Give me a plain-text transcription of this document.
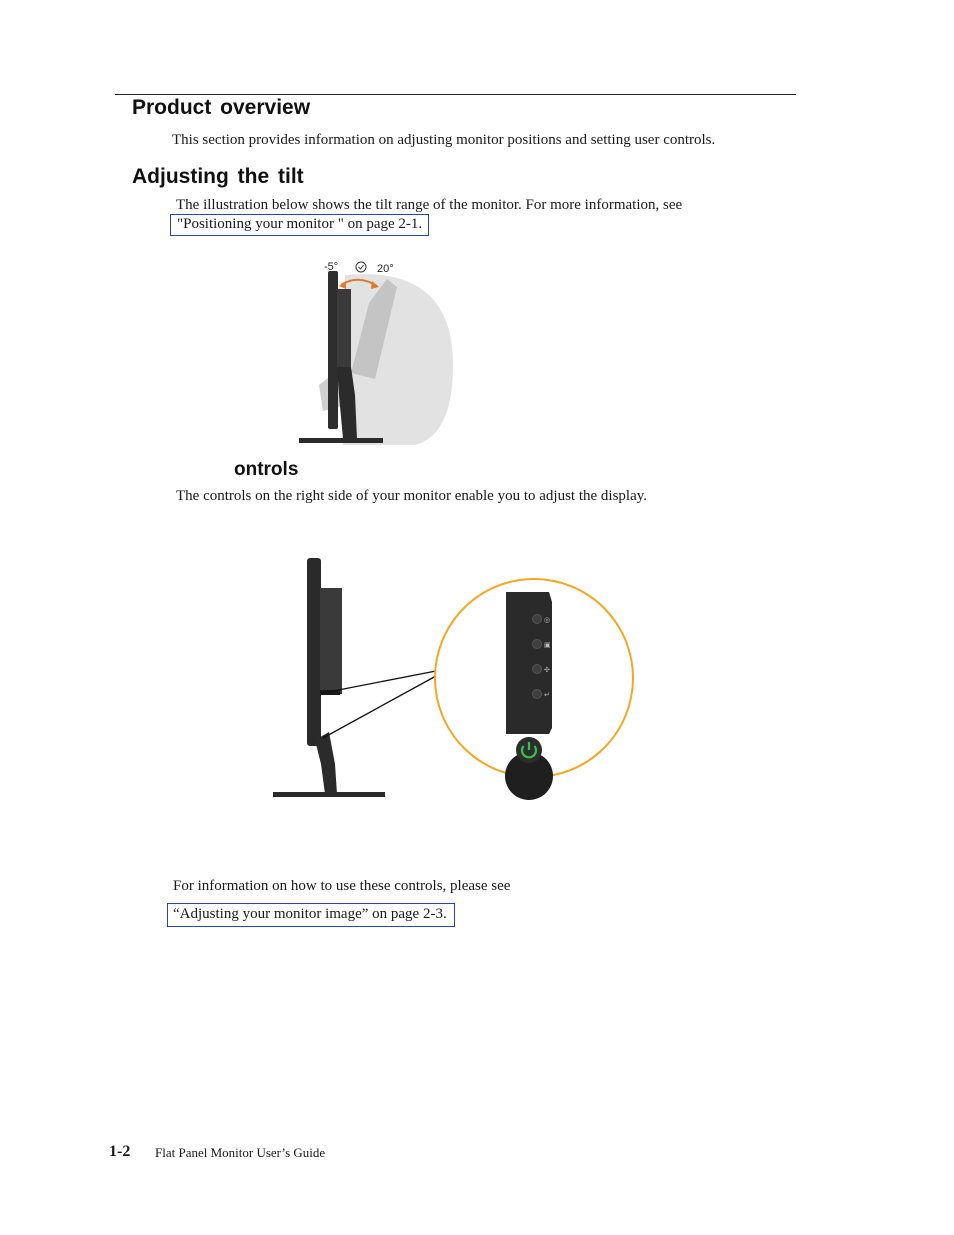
Product overview
This section provides information on adjusting monitor positions and setting user controls.
Adjusting the tilt
The illustration below shows the tilt range of the monitor. For more information, see
"Positioning your monitor " on page 2-1.
-5°	20°
ontrols
The controls on the right side of your monitor enable you to adjust the display.
◎
▣
✣
↵
For information on how to use these controls, please see
“Adjusting your monitor image” on page 2-3.
1-2 Flat Panel Monitor User’s Guide
